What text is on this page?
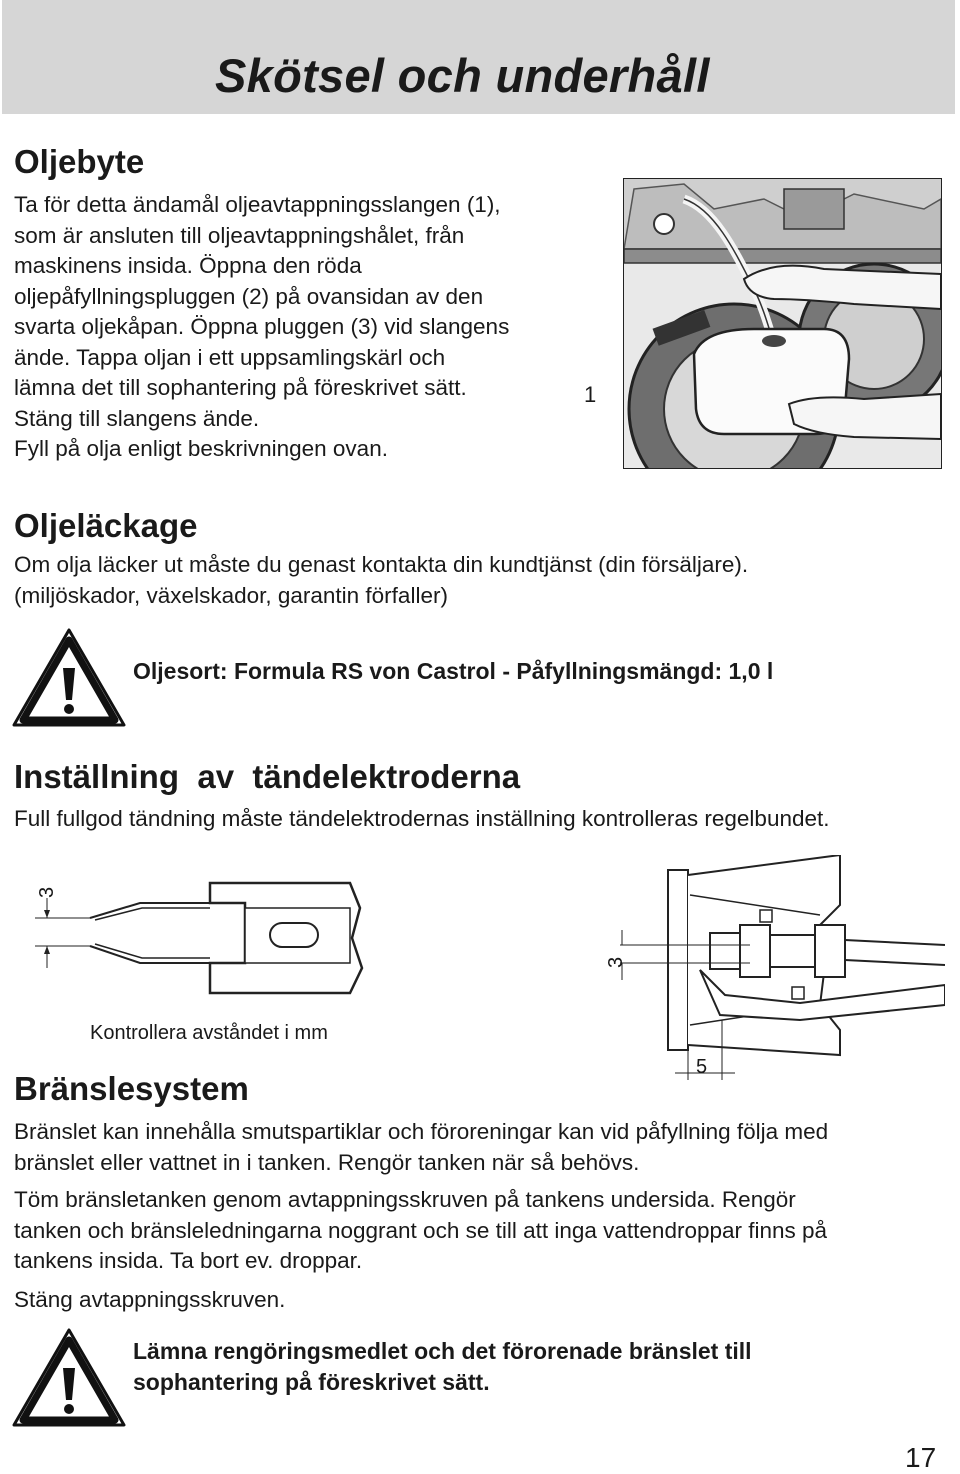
Skötsel och underhåll
Oljebyte
Ta för detta ändamål oljeavtappningsslangen (1),
som är ansluten till oljeavtappningshålet, från
maskinens insida. Öppna den röda
oljepåfyllningspluggen (2) på ovansidan av den
svarta oljekåpan. Öppna pluggen (3) vid slangens
ände. Tappa oljan i ett uppsamlingskärl och
lämna det till sophantering på föreskrivet sätt.
Stäng till slangens ände.
Fyll på olja enligt beskrivningen ovan.
1
Oljeläckage
Om olja läcker ut måste du genast kontakta din kundtjänst (din försäljare).
(miljöskador, växelskador, garantin förfaller)
Oljesort: Formula RS von Castrol - Påfyllningsmängd: 1,0 l
Inställning  av  tändelektroderna
Full fullgod tändning måste tändelektrodernas inställning kontrolleras regelbundet.
3
Kontrollera avståndet i mm
3
5
Bränslesystem
Bränslet kan innehålla smutspartiklar och föroreningar kan vid påfyllning följa med
bränslet eller vattnet in i tanken. Rengör tanken när så behövs.
Töm bränsletanken genom avtappningsskruven på tankens undersida. Rengör
tanken och bränsleledningarna noggrant och se till att inga vattendroppar finns på
tankens insida. Ta bort ev. droppar.
Stäng avtappningsskruven.
Lämna rengöringsmedlet och det förorenade bränslet till
sophantering på föreskrivet sätt.
17
